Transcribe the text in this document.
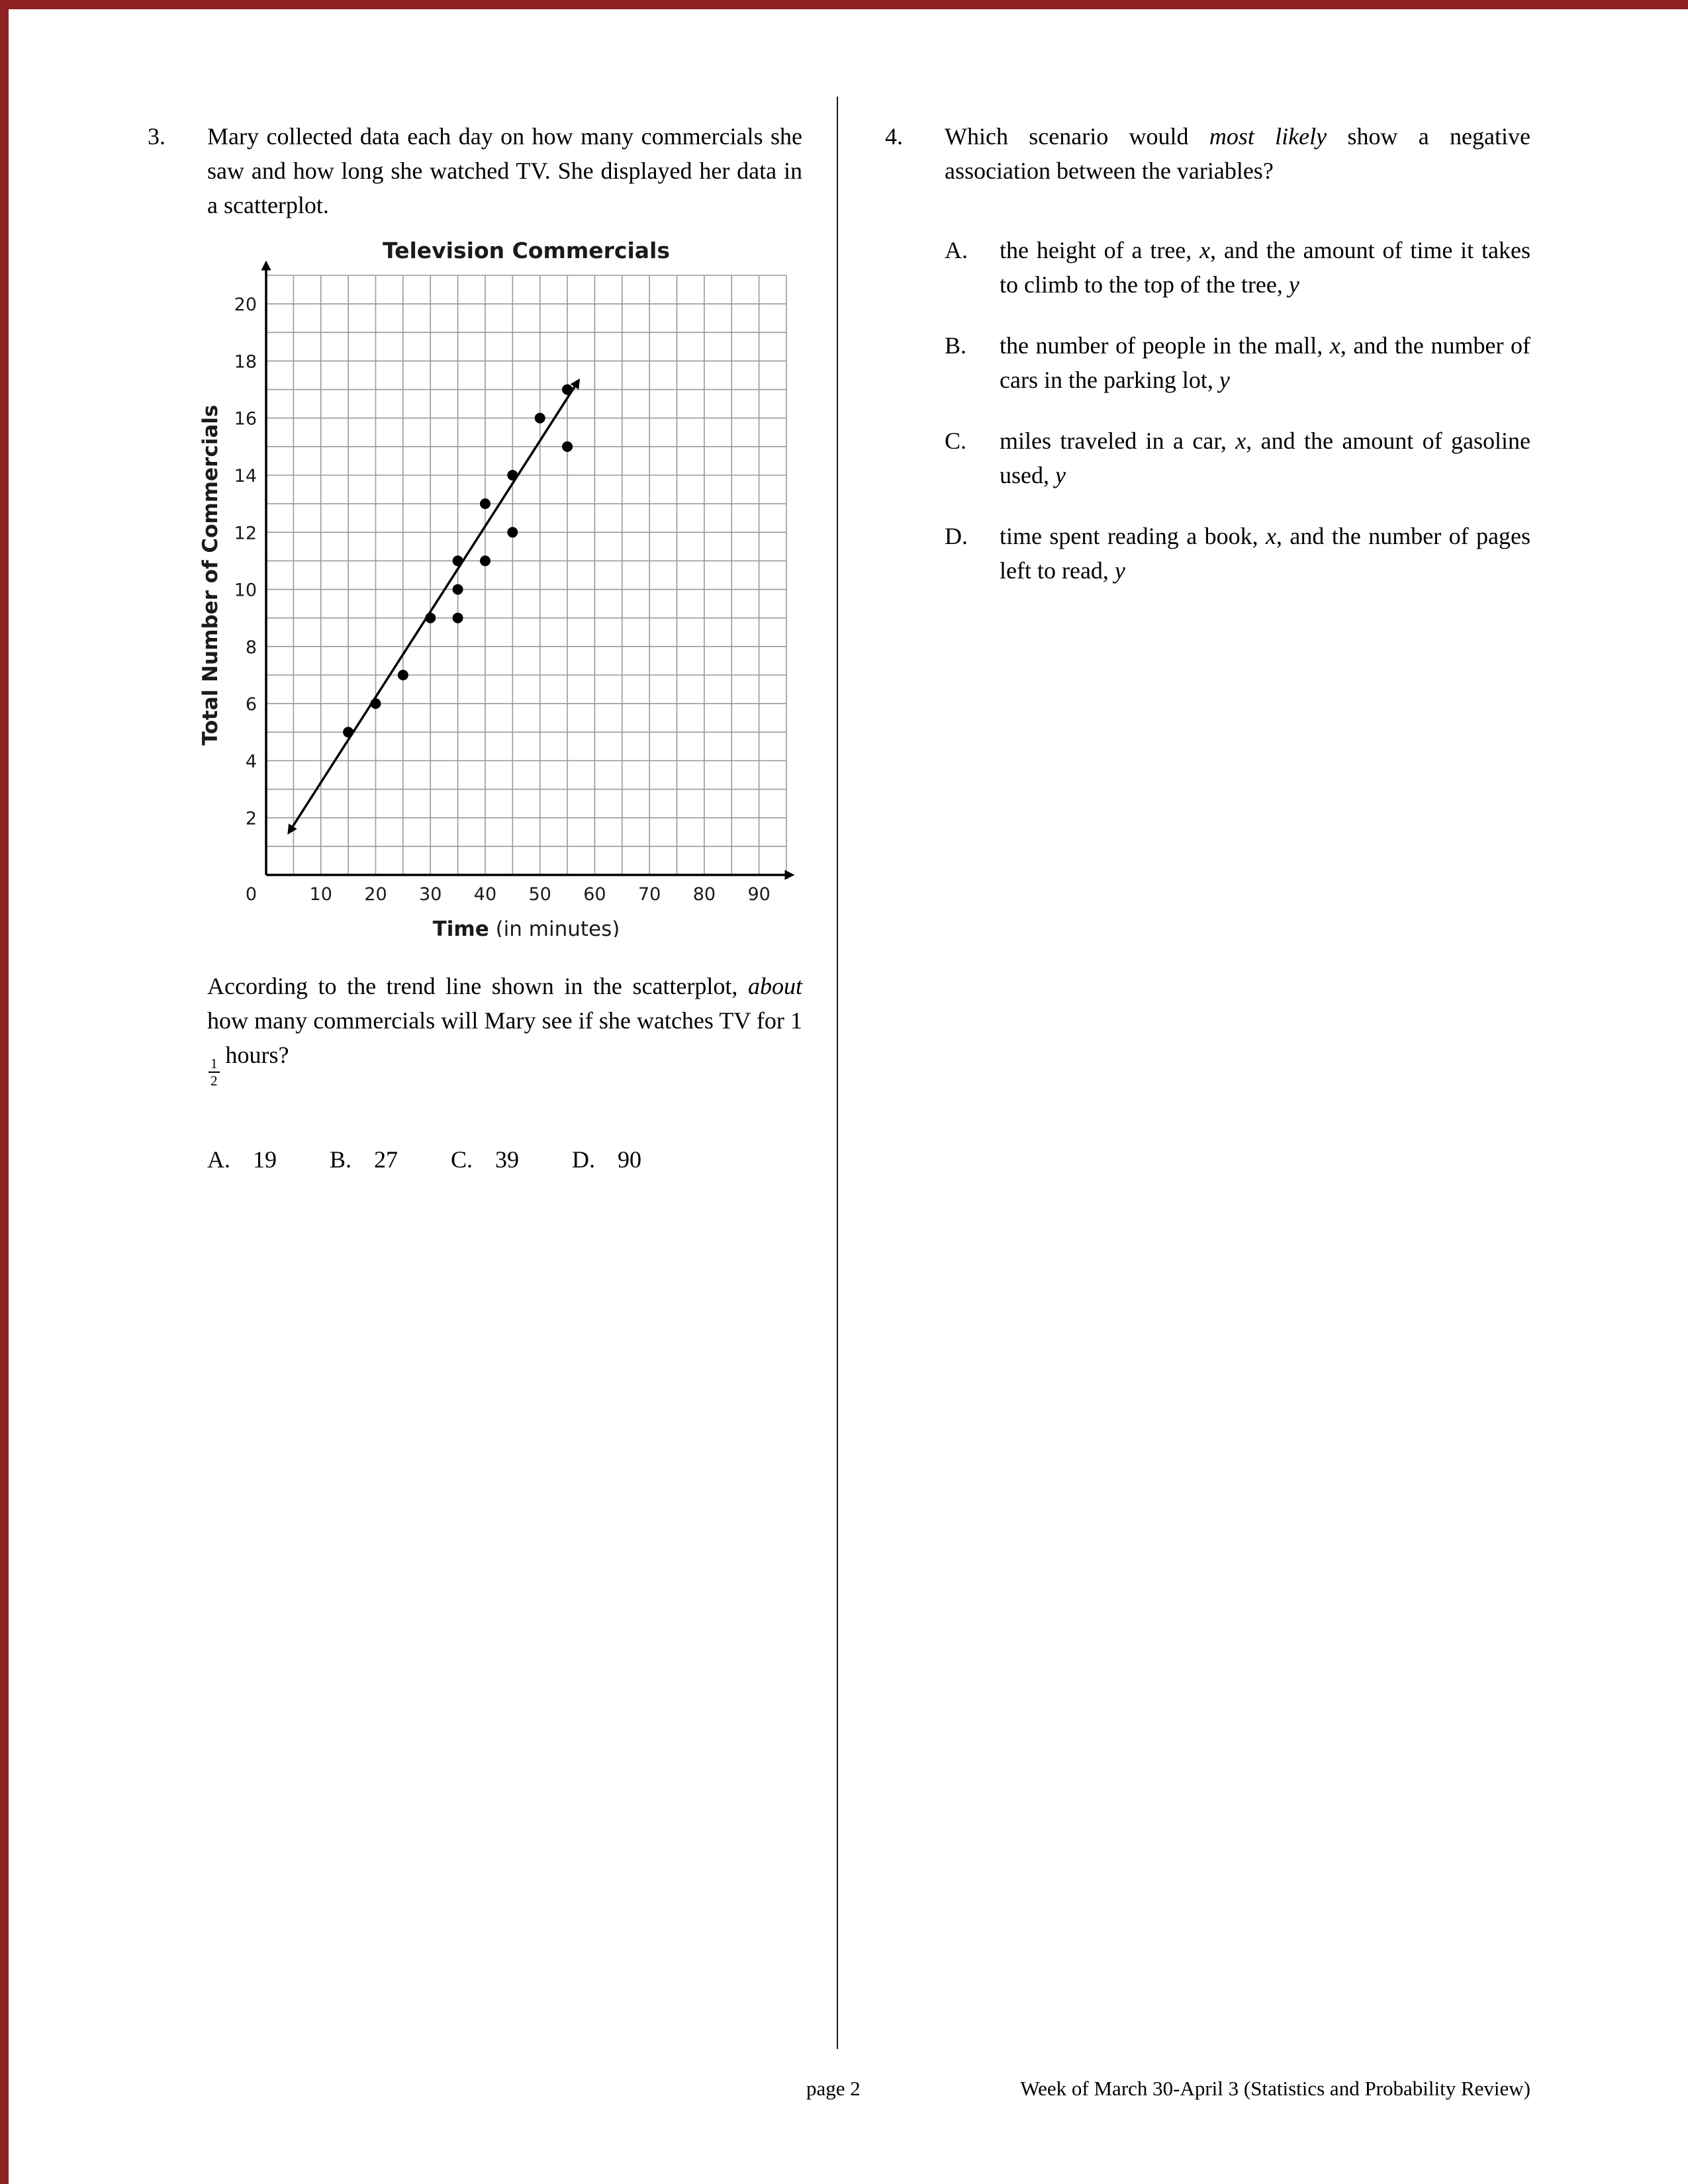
3.	Mary collected data each day on how many commercials she saw and how long she watched TV. She displayed her data in a scatterplot.

2
4
6
8
10
12
14
16
18
20
10 20 30 40 50 60 70 80 90
0
Television Commercials
Total Number of Commercials
Time (in minutes)

According to the trend line shown in the scatterplot, about how many commercials will Mary see if she watches TV for 1
$\frac{1}{2}$
hours?

A. 19 B. 27 C. 39 D. 90
4.	Which scenario would most likely show a negative association between the variables?

A.	the height of a tree, x, and the amount of time it takes to climb to the top of the tree, y
B.	the number of people in the mall, x, and the number of cars in the parking lot, y
C.	miles traveled in a car, x, and the amount of gasoline used, y
D.	time spent reading a book, x, and the number of pages left to read, y
page 2	Week of March 30-April 3 (Statistics and Probability Review)
